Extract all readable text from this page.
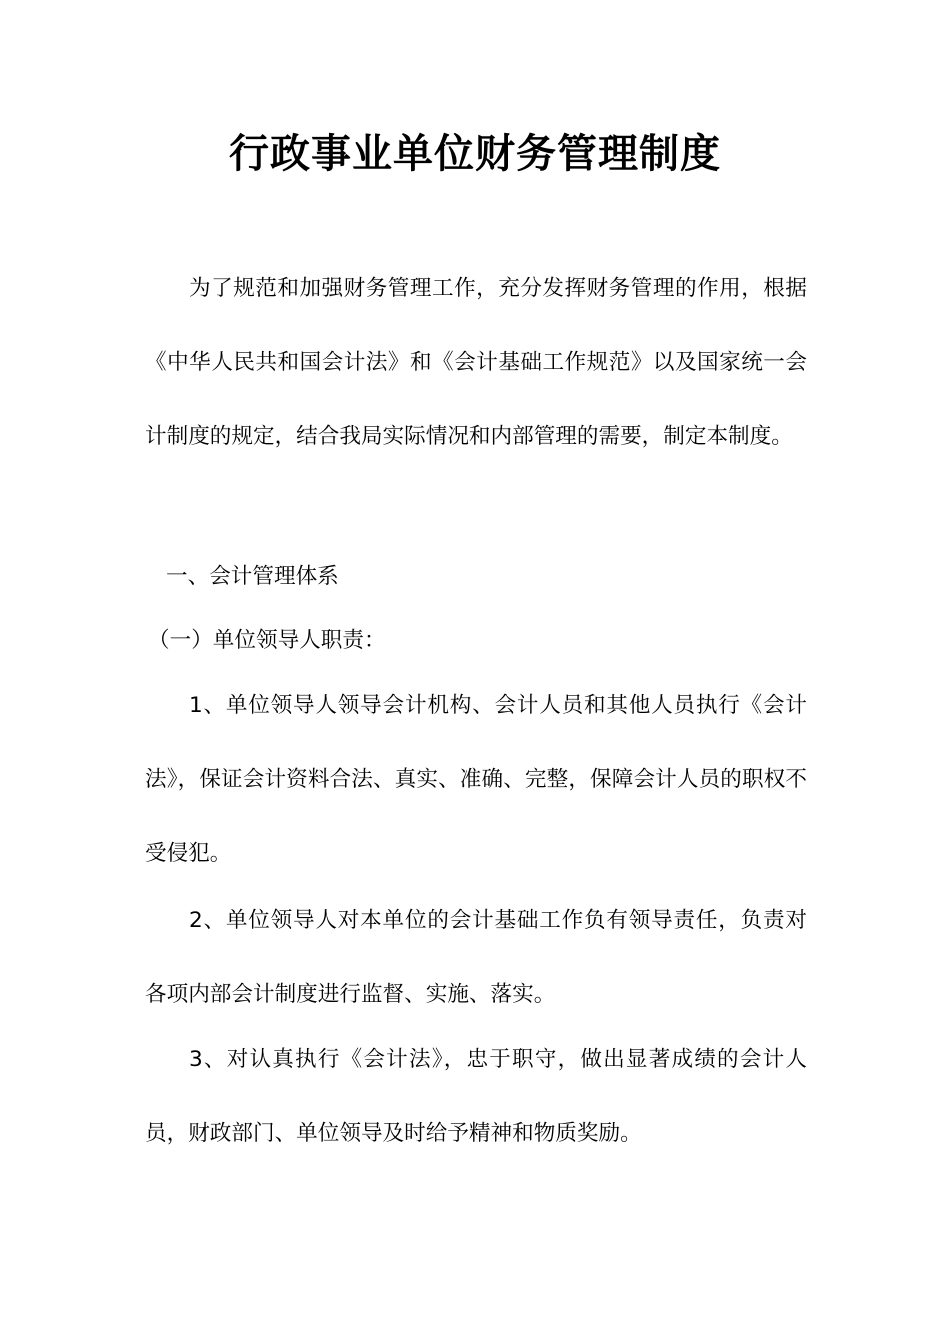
行政事业单位财务管理制度

为了规范和加强财务管理工作，充分发挥财务管理的作用，根据《中华人民共和国会计法》和《会计基础工作规范》以及国家统一会计制度的规定，结合我局实际情况和内部管理的需要，制定本制度。

一、会计管理体系

（一）单位领导人职责：

1、单位领导人领导会计机构、会计人员和其他人员执行《会计法》，保证会计资料合法、真实、准确、完整，保障会计人员的职权不受侵犯。

2、单位领导人对本单位的会计基础工作负有领导责任，负责对各项内部会计制度进行监督、实施、落实。

3、对认真执行《会计法》，忠于职守，做出显著成绩的会计人员，财政部门、单位领导及时给予精神和物质奖励。
